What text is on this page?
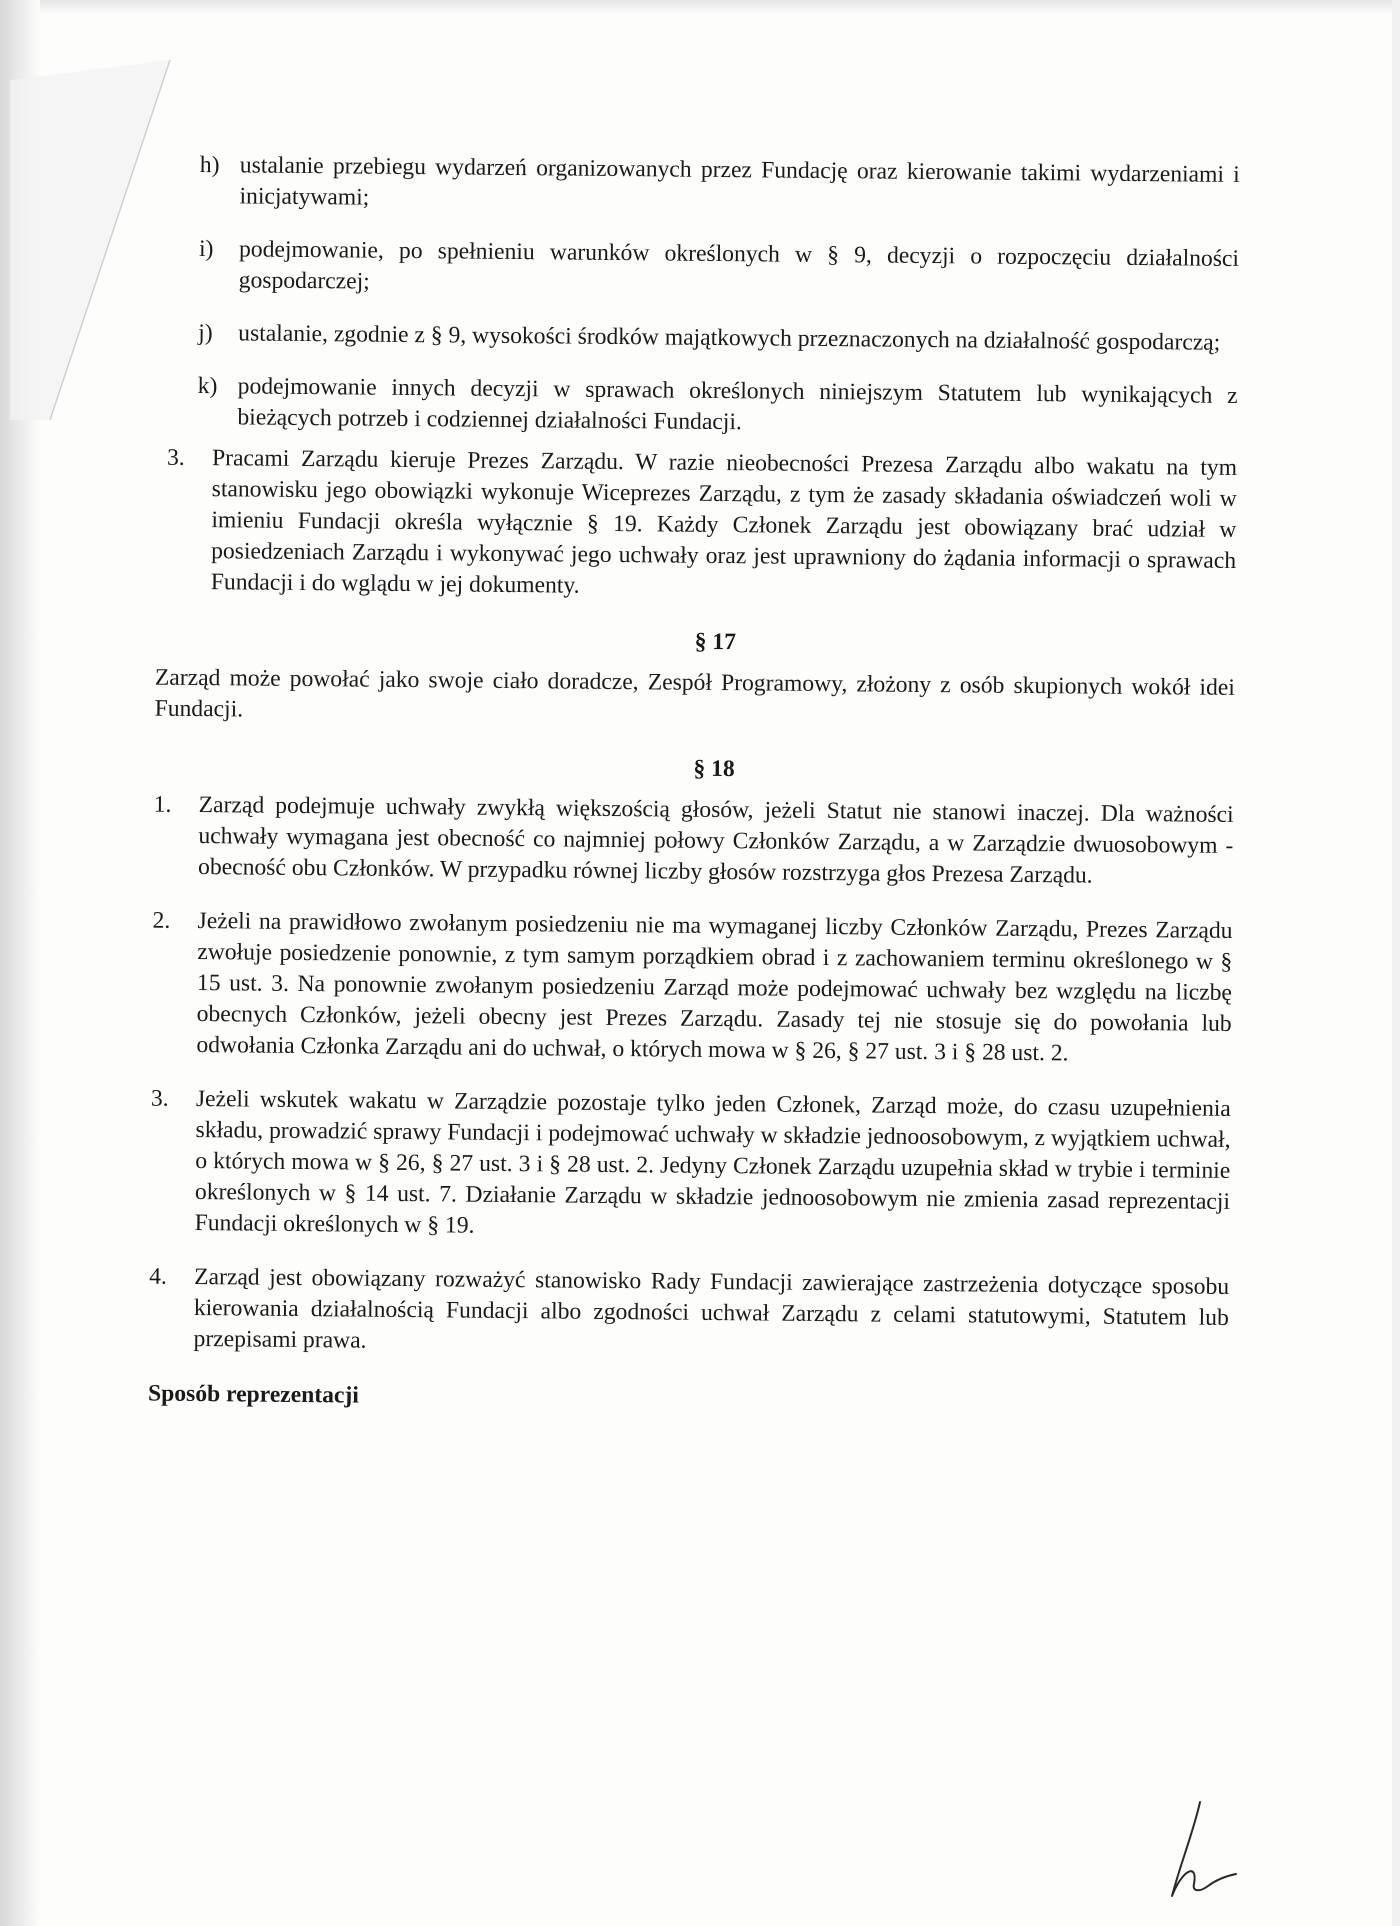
h) ustalanie przebiegu wydarzeń organizowanych przez Fundację oraz kierowanie takimi wydarzeniami i inicjatywami;
i) podejmowanie, po spełnieniu warunków określonych w § 9, decyzji o rozpoczęciu działalności gospodarczej;
j) ustalanie, zgodnie z § 9, wysokości środków majątkowych przeznaczonych na działalność gospodarczą;
k) podejmowanie innych decyzji w sprawach określonych niniejszym Statutem lub wynikających z bieżących potrzeb i codziennej działalności Fundacji.
3. Pracami Zarządu kieruje Prezes Zarządu. W razie nieobecności Prezesa Zarządu albo wakatu na tym stanowisku jego obowiązki wykonuje Wiceprezes Zarządu, z tym że zasady składania oświadczeń woli w imieniu Fundacji określa wyłącznie § 19. Każdy Członek Zarządu jest obowiązany brać udział w posiedzeniach Zarządu i wykonywać jego uchwały oraz jest uprawniony do żądania informacji o sprawach Fundacji i do wglądu w jej dokumenty.
§ 17
Zarząd może powołać jako swoje ciało doradcze, Zespół Programowy, złożony z osób skupionych wokół idei Fundacji.
§ 18
1. Zarząd podejmuje uchwały zwykłą większością głosów, jeżeli Statut nie stanowi inaczej. Dla ważności uchwały wymagana jest obecność co najmniej połowy Członków Zarządu, a w Zarządzie dwuosobowym - obecność obu Członków. W przypadku równej liczby głosów rozstrzyga głos Prezesa Zarządu.
2. Jeżeli na prawidłowo zwołanym posiedzeniu nie ma wymaganej liczby Członków Zarządu, Prezes Zarządu zwołuje posiedzenie ponownie, z tym samym porządkiem obrad i z zachowaniem terminu określonego w § 15 ust. 3. Na ponownie zwołanym posiedzeniu Zarząd może podejmować uchwały bez względu na liczbę obecnych Członków, jeżeli obecny jest Prezes Zarządu. Zasady tej nie stosuje się do powołania lub odwołania Członka Zarządu ani do uchwał, o których mowa w § 26, § 27 ust. 3 i § 28 ust. 2.
3. Jeżeli wskutek wakatu w Zarządzie pozostaje tylko jeden Członek, Zarząd może, do czasu uzupełnienia składu, prowadzić sprawy Fundacji i podejmować uchwały w składzie jednoosobowym, z wyjątkiem uchwał, o których mowa w § 26, § 27 ust. 3 i § 28 ust. 2. Jedyny Członek Zarządu uzupełnia skład w trybie i terminie określonych w § 14 ust. 7. Działanie Zarządu w składzie jednoosobowym nie zmienia zasad reprezentacji Fundacji określonych w § 19.
4. Zarząd jest obowiązany rozważyć stanowisko Rady Fundacji zawierające zastrzeżenia dotyczące sposobu kierowania działalnością Fundacji albo zgodności uchwał Zarządu z celami statutowymi, Statutem lub przepisami prawa.
Sposób reprezentacji
